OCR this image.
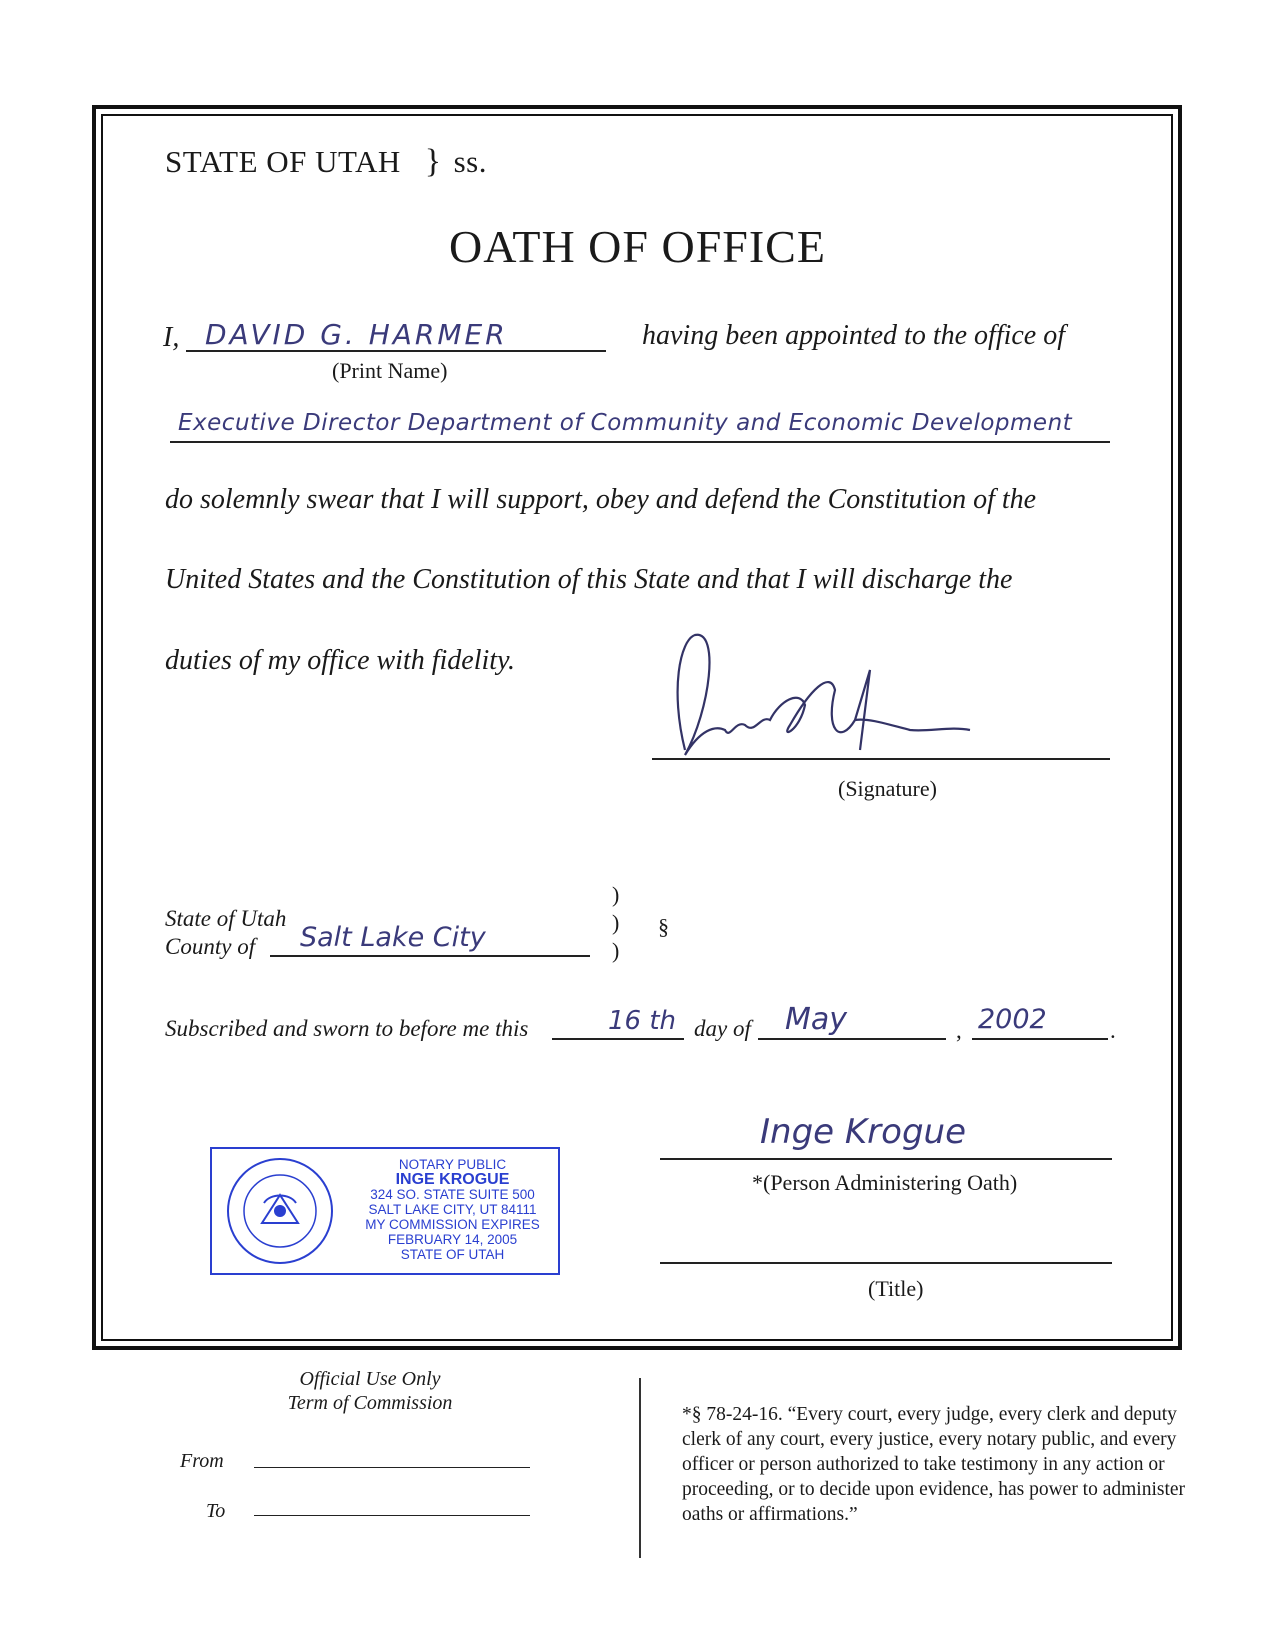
STATE OF UTAH } ss.
OATH OF OFFICE
I, DAVID G. HARMER
(Print Name)
having been appointed to the office of
Executive Director Department of Community and Economic Development
do solemnly swear that I will support, obey and defend the Constitution of the
United States and the Constitution of this State and that I will discharge the
duties of my office with fidelity.
(Signature)
State of Utah
County of Salt Lake City
)
)
)
§
Subscribed and sworn to before me this	16 th day of May	, 2002	.
NOTARY PUBLIC
INGE KROGUE
324 SO. STATE SUITE 500
SALT LAKE CITY, UT 84111
MY COMMISSION EXPIRES
FEBRUARY 14, 2005
STATE OF UTAH
Inge Krogue
*(Person Administering Oath)
(Title)
Official Use Only
Term of Commission
From
To
*§ 78-24-16. “Every court, every judge, every clerk and deputy clerk of any court, every justice, every notary public, and every officer or person authorized to take testimony in any action or proceeding, or to decide upon evidence, has power to administer oaths or affirmations.”
